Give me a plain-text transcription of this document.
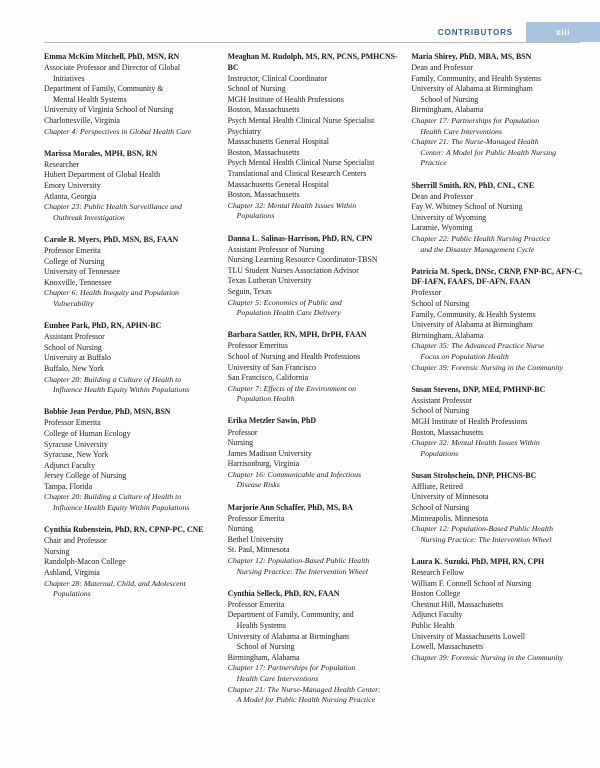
CONTRIBUTORS	xiii
Emma McKim Mitchell, PhD, MSN, RN
Associate Professor and Director of Global
Initiatives
Department of Family, Community &
Mental Health Systems
University of Virginia School of Nursing
Charlottesville, Virginia
Chapter 4: Perspectives in Global Health Care
Marissa Morales, MPH, BSN, RN
Researcher
Hubert Department of Global Health
Emory University
Atlanta, Georgia
Chapter 23: Public Health Surveillance and
Outbreak Investigation
Carole R. Myers, PhD, MSN, BS, FAAN
Professor Emerita
College of Nursing
University of Tennessee
Knoxville, Tennessee
Chapter 6: Health Inequity and Population
Vulnerability
Eunhee Park, PhD, RN, APHN-BC
Assistant Professor
School of Nursing
University at Buffalo
Buffalo, New York
Chapter 20: Building a Culture of Health to
Influence Health Equity Within Populations
Bobbie Jean Perdue, PhD, MSN, BSN
Professor Emerita
College of Human Ecology
Syracuse University
Syracuse, New York
Adjunct Faculty
Jersey College of Nursing
Tampa, Florida
Chapter 20: Building a Culture of Health to
Influence Health Equity Within Populations
Cynthia Rubenstein, PhD, RN, CPNP-PC, CNE
Chair and Professor
Nursing
Randolph-Macon College
Ashland, Virginia
Chapter 28: Maternal, Child, and Adolescent
Populations
Meaghan M. Rudolph, MS, RN, PCNS, PMHCNS-BC
Instructor, Clinical Coordinator
School of Nursing
MGH Institute of Health Professions
Boston, Massachusetts
Psych Mental Health Clinical Nurse Specialist
Psychiatry
Massachusetts General Hospital
Boston, Massachusetts
Psych Mental Health Clinical Nurse Specialist
Translational and Clinical Research Centers
Massachusetts General Hospital
Boston, Massachusetts
Chapter 32: Mental Health Issues Within
Populations
Danna L. Salinas-Harrison, PhD, RN, CPN
Assistant Professor of Nursing
Nursing Learning Resource Coordinator-TBSN
TLU Student Nurses Association Advisor
Texas Lutheran University
Seguin, Texas
Chapter 5: Economics of Public and
Population Health Care Delivery
Barbara Sattler, RN, MPH, DrPH, FAAN
Professor Emeritus
School of Nursing and Health Professions
University of San Francisco
San Francisco, California
Chapter 7: Effects of the Environment on
Population Health
Erika Metzler Sawin, PhD
Professor
Nursing
James Madison University
Harrisonburg, Virginia
Chapter 16: Communicable and Infectious
Disease Risks
Marjorie Ann Schaffer, PhD, MS, BA
Professor Emerita
Nursing
Bethel University
St. Paul, Minnesota
Chapter 12: Population-Based Public Health
Nursing Practice: The Intervention Wheel
Cynthia Selleck, PhD, RN, FAAN
Professor Emerita
Department of Family, Community, and
Health Systems
University of Alabama at Birmingham
School of Nursing
Birmingham, Alabama
Chapter 17: Partnerships for Population
Health Care Interventions
Chapter 21: The Nurse-Managed Health Center:
A Model for Public Health Nursing Practice
Maria Shirey, PhD, MBA, MS, BSN
Dean and Professor
Family, Community, and Health Systems
University of Alabama at Birmingham
School of Nursing
Birmingham, Alabama
Chapter 17: Partnerships for Population
Health Care Interventions
Chapter 21: The Nurse-Managed Health
Center: A Model for Public Health Nursing
Practice
Sherrill Smith, RN, PhD, CNL, CNE
Dean and Professor
Fay W. Whitney School of Nursing
University of Wyoming
Laramie, Wyoming
Chapter 22: Public Health Nursing Practice
and the Disaster Management Cycle
Patricia M. Speck, DNSc, CRNP, FNP-BC, AFN-C, DF-IAFN, FAAFS, DF-AFN, FAAN
Professor
School of Nursing
Family, Community, & Health Systems
University of Alabama at Birmingham
Birmingham, Alabama
Chapter 35: The Advanced Practice Nurse
Focus on Population Health
Chapter 39: Forensic Nursing in the Community
Susan Stevens, DNP, MEd, PMHNP-BC
Assistant Professor
School of Nursing
MGH Institute of Health Professions
Boston, Massachusetts
Chapter 32: Mental Health Issues Within
Populations
Susan Strohschein, DNP, PHCNS-BC
Affliate, Retired
University of Minnesota
School of Nursing
Minneapolis, Minnesota
Chapter 12: Population-Based Public Health
Nursing Practice: The Intervention Wheel
Laura K. Suzuki, PhD, MPH, RN, CPH
Research Fellow
William F. Connell School of Nursing
Boston College
Chestnut Hill, Massachusetts
Adjunct Faculty
Public Health
University of Massachusetts Lowell
Lowell, Massachusetts
Chapter 39: Forensic Nursing in the Community
